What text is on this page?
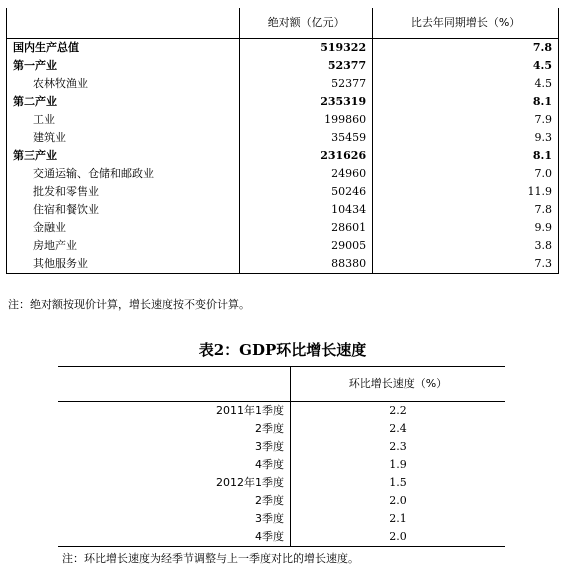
	绝对额（亿元）	比去年同期增长（%）
国内生产总值	519322	7.8
第一产业	52377	4.5
农林牧渔业	52377	4.5
第二产业	235319	8.1
工业	199860	7.9
建筑业	35459	9.3
第三产业	231626	8.1
交通运输、仓储和邮政业	24960	7.0
批发和零售业	50246	11.9
住宿和餐饮业	10434	7.8
金融业	28601	9.9
房地产业	29005	3.8
其他服务业	88380	7.3
注：绝对额按现价计算，增长速度按不变价计算。
表2：GDP环比增长速度
	环比增长速度（%）
2011年1季度	2.2
2季度	2.4
3季度	2.3
4季度	1.9
2012年1季度	1.5
2季度	2.0
3季度	2.1
4季度	2.0
注：环比增长速度为经季节调整与上一季度对比的增长速度。
